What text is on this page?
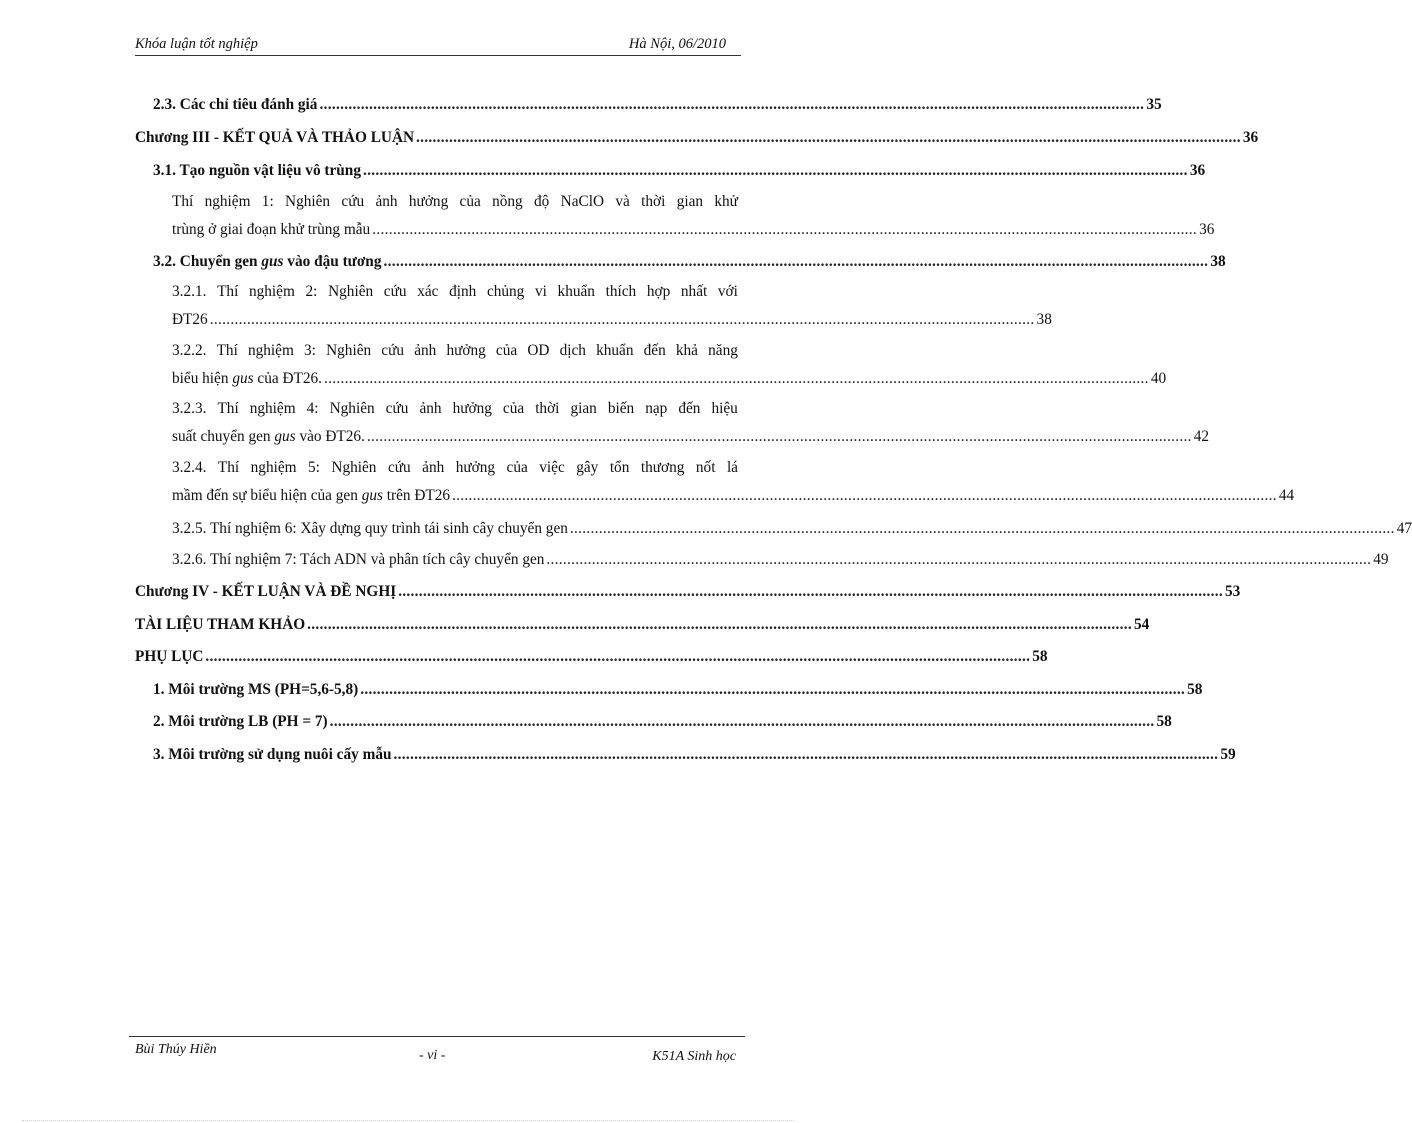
Khóa luận tốt nghiệp	Hà Nội, 06/2010
2.3. Các chỉ tiêu đánh giá ........................................................................................................................................................................................................ 35
Chương III - KẾT QUẢ VÀ THẢO LUẬN ........................................................................................................................................................................................................ 36
3.1. Tạo nguồn vật liệu vô trùng ........................................................................................................................................................................................................ 36
Thí nghiệm 1: Nghiên cứu ảnh hưởng của nồng độ NaClO và thời gian khử
trùng ở giai đoạn khử trùng mẫu ........................................................................................................................................................................................................ 36
3.2. Chuyển gen gus vào đậu tương ........................................................................................................................................................................................................ 38
3.2.1. Thí nghiệm 2: Nghiên cứu xác định chủng vi khuẩn thích hợp nhất với
ĐT26 ........................................................................................................................................................................................................ 38
3.2.2. Thí nghiệm 3: Nghiên cứu ảnh hưởng của OD dịch khuẩn đến khả năng
biểu hiện gus của ĐT26. ........................................................................................................................................................................................................ 40
3.2.3. Thí nghiệm 4: Nghiên cứu ảnh hưởng của thời gian biến nạp đến hiệu
suất chuyển gen gus vào ĐT26. ........................................................................................................................................................................................................ 42
3.2.4. Thí nghiệm 5: Nghiên cứu ảnh hưởng của việc gây tổn thương nốt lá
mầm đến sự biểu hiện của gen gus trên ĐT26 ........................................................................................................................................................................................................ 44
3.2.5. Thí nghiệm 6: Xây dựng quy trình tái sinh cây chuyển gen ........................................................................................................................................................................................................ 47
3.2.6. Thí nghiệm 7: Tách ADN và phân tích cây chuyển gen ........................................................................................................................................................................................................ 49
Chương IV - KẾT LUẬN VÀ ĐỀ NGHỊ ........................................................................................................................................................................................................ 53
TÀI LIỆU THAM KHẢO ........................................................................................................................................................................................................ 54
PHỤ LỤC ........................................................................................................................................................................................................ 58
1. Môi trường MS (PH=5,6-5,8) ........................................................................................................................................................................................................ 58
2. Môi trường LB (PH = 7) ........................................................................................................................................................................................................ 58
3. Môi trường sử dụng nuôi cấy mẫu ........................................................................................................................................................................................................ 59
Bùi Thúy Hiền	- vi -	K51A Sinh học
